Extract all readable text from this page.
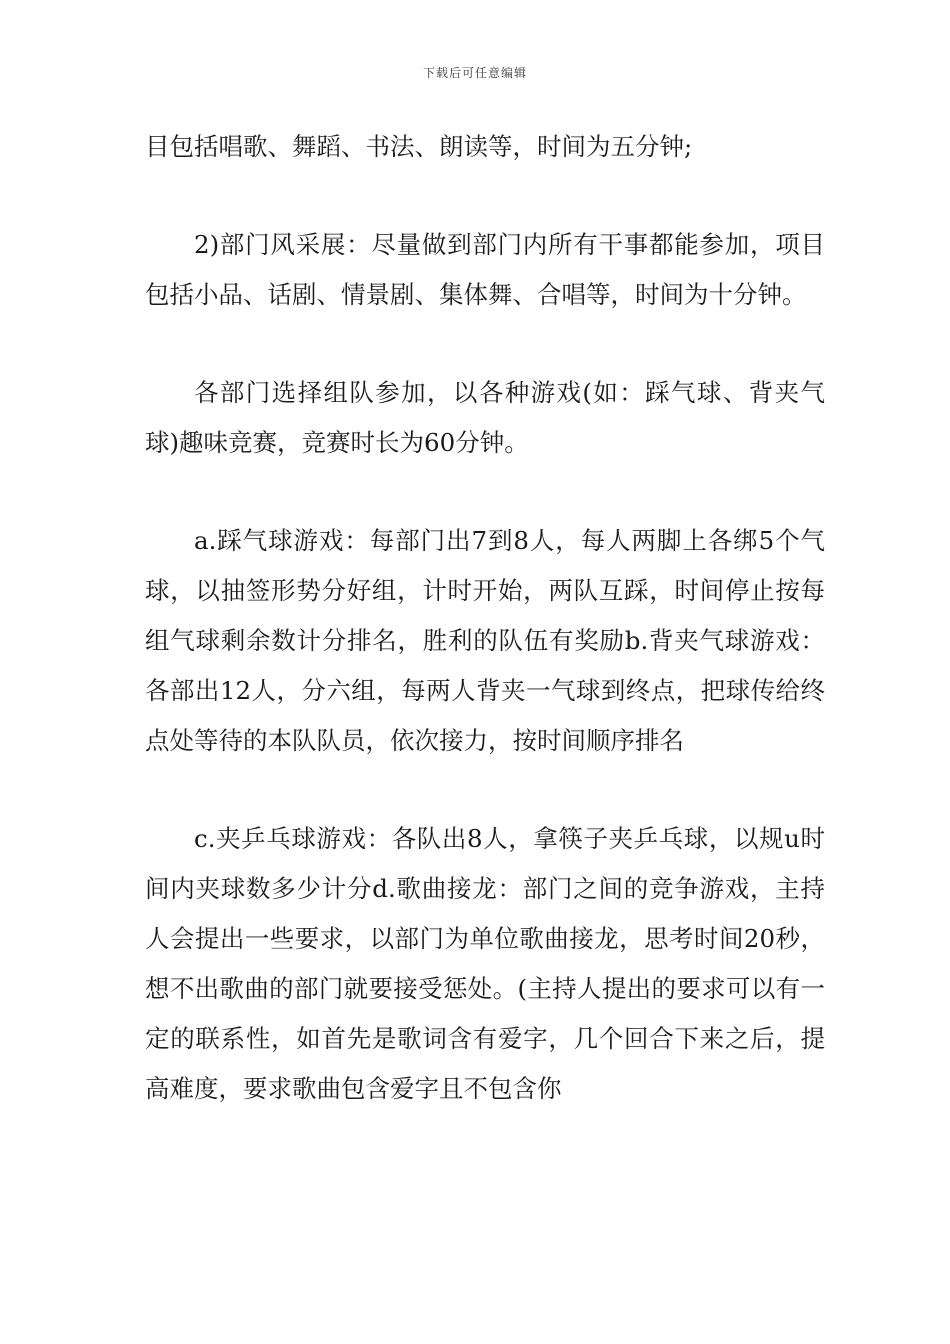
下载后可任意编辑

目包括唱歌、舞蹈、书法、朗读等，时间为五分钟;

2)部门风采展：尽量做到部门内所有干事都能参加，项目包括小品、话剧、情景剧、集体舞、合唱等，时间为十分钟。

各部门选择组队参加，以各种游戏(如：踩气球、背夹气球)趣味竞赛，竞赛时长为60分钟。

a.踩气球游戏：每部门出7到8人，每人两脚上各绑5个气球，以抽签形势分好组，计时开始，两队互踩，时间停止按每组气球剩余数计分排名，胜利的队伍有奖励b.背夹气球游戏：各部出12人，分六组，每两人背夹一气球到终点，把球传给终点处等待的本队队员，依次接力，按时间顺序排名

c.夹乒乓球游戏：各队出8人，拿筷子夹乒乓球，以规u时间内夹球数多少计分d.歌曲接龙：部门之间的竞争游戏，主持人会提出一些要求，以部门为单位歌曲接龙，思考时间20秒，想不出歌曲的部门就要接受惩处。(主持人提出的要求可以有一定的联系性，如首先是歌词含有爱字，几个回合下来之后，提高难度，要求歌曲包含爱字且不包含你
